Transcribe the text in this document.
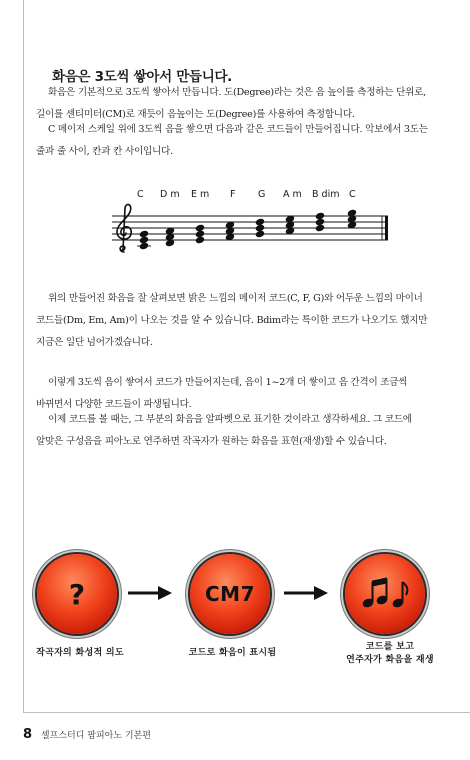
화음은 3도씩 쌓아서 만듭니다.

화음은 기본적으로 3도씩 쌓아서 만듭니다. 도(Degree)라는 것은 음 높이를 측정하는 단위로, 길이를 센티미터(CM)로 재듯이 음높이는 도(Degree)를 사용하여 측정합니다.

C 메이저 스케일 위에 3도씩 음을 쌓으면 다음과 같은 코드들이 만들어집니다. 악보에서 3도는 줄과 줄 사이, 칸과 칸 사이입니다.

C D m E m F G A m B dim C

위의 만들어진 화음을 잘 살펴보면 밝은 느낌의 메이저 코드(C, F, G)와 어두운 느낌의 마이너 코드들(Dm, Em, Am)이 나오는 것을 알 수 있습니다. Bdim라는 특이한 코드가 나오기도 했지만 지금은 일단 넘어가겠습니다.

이렇게 3도씩 음이 쌓여서 코드가 만들어지는데, 음이 1~2개 더 쌓이고 음 간격이 조금씩 바뀌면서 다양한 코드들이 파생됩니다.

이제 코드를 볼 때는, 그 부분의 화음을 알파벳으로 표기한 것이라고 생각하세요. 그 코드에 알맞은 구성음을 피아노로 연주하면 작곡자가 원하는 화음을 표현(재생)할 수 있습니다.

?	CM7
작곡자의 화성적 의도	코드로 화음이 표시됨
코드를 보고
연주자가 화음을 재생
8 셀프스터디 팝피아노 기본편
